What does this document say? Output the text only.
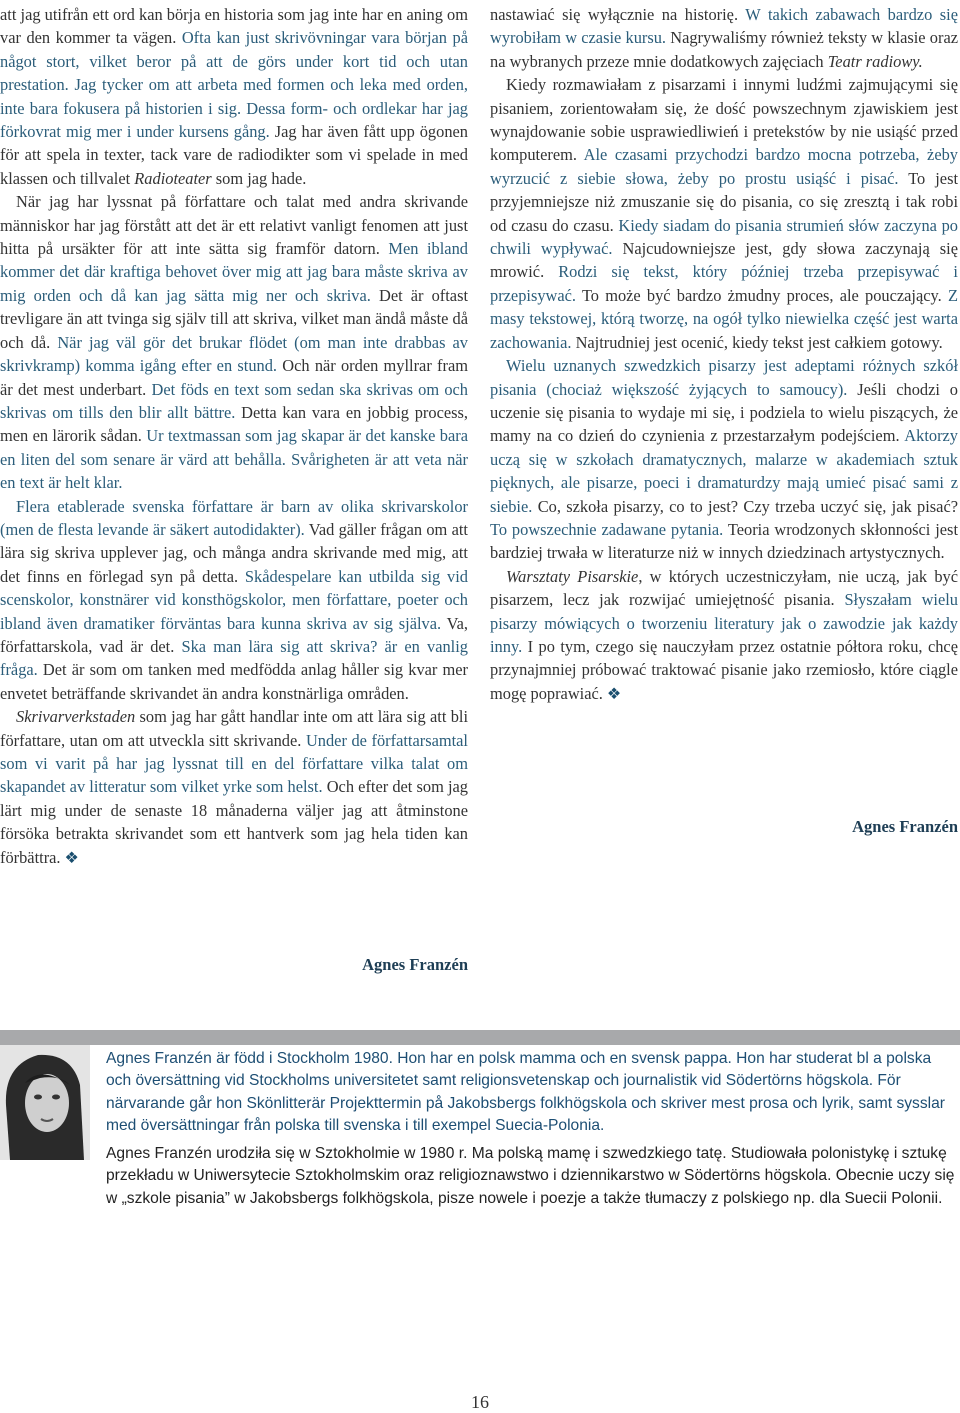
att jag utifrån ett ord kan börja en historia som jag inte har en aning om var den kommer ta vägen. Ofta kan just skrivövningar vara början på något stort, vilket beror på att de görs under kort tid och utan prestation. Jag tycker om att arbeta med formen och leka med orden, inte bara fokusera på historien i sig. Dessa form- och ordlekar har jag förkovrat mig mer i under kursens gång. Jag har även fått upp ögonen för att spela in texter, tack vare de radiodikter som vi spelade in med klassen och tillvalet Radioteater som jag hade.

När jag har lyssnat på författare och talat med andra skrivande människor har jag förstått att det är ett relativt vanligt fenomen att just hitta på ursäkter för att inte sätta sig framför datorn. Men ibland kommer det där kraftiga behovet över mig att jag bara måste skriva av mig orden och då kan jag sätta mig ner och skriva. Det är oftast trevligare än att tvinga sig själv till att skriva, vilket man ändå måste då och då. När jag väl gör det brukar flödet (om man inte drabbas av skrivkramp) komma igång efter en stund. Och när orden myllrar fram är det mest underbart. Det föds en text som sedan ska skrivas om och skrivas om tills den blir allt bättre. Detta kan vara en jobbig process, men en lärorik sådan. Ur textmassan som jag skapar är det kanske bara en liten del som senare är värd att behålla. Svårigheten är att veta när en text är helt klar.

Flera etablerade svenska författare är barn av olika skrivarskolor (men de flesta levande är säkert autodidakter). Vad gäller frågan om att lära sig skriva upplever jag, och många andra skrivande med mig, att det finns en förlegad syn på detta. Skådespelare kan utbilda sig vid scenskolor, konstnärer vid konsthögskolor, men författare, poeter och ibland även dramatiker förväntas bara kunna skriva av sig själva. Va, författarskola, vad är det. Ska man lära sig att skriva? är en vanlig fråga. Det är som om tanken med medfödda anlag håller sig kvar mer envetet beträffande skrivandet än andra konstnärliga områden.

Skrivarverkstaden som jag har gått handlar inte om att lära sig att bli författare, utan om att utveckla sitt skrivande. Under de författarsamtal som vi varit på har jag lyssnat till en del författare vilka talat om skapandet av litteratur som vilket yrke som helst. Och efter det som jag lärt mig under de senaste 18 månaderna väljer jag att åtminstone försöka betrakta skrivandet som ett hantverk som jag hela tiden kan förbättra. ❖

Agnes Franzén

nastawiać się wyłącznie na historię. W takich zabawach bardzo się wyrobiłam w czasie kursu. Nagrywaliśmy również teksty w klasie oraz na wybranych przeze mnie dodatkowych zajęciach Teatr radiowy.

Kiedy rozmawiałam z pisarzami i innymi ludźmi zajmującymi się pisaniem, zorientowałam się, że dość powszechnym zjawiskiem jest wynajdowanie sobie usprawiedliwień i pretekstów by nie usiąść przed komputerem. Ale czasami przychodzi bardzo mocna potrzeba, żeby wyrzucić z siebie słowa, żeby po prostu usiąść i pisać. To jest przyjemniejsze niż zmuszanie się do pisania, co się zresztą i tak robi od czasu do czasu. Kiedy siadam do pisania strumień słów zaczyna po chwili wypływać. Najcudowniejsze jest, gdy słowa zaczynają się mrowić. Rodzi się tekst, który później trzeba przepisywać i przepisywać. To może być bardzo żmudny proces, ale pouczający. Z masy tekstowej, którą tworzę, na ogół tylko niewielka część jest warta zachowania. Najtrudniej jest ocenić, kiedy tekst jest całkiem gotowy.

Wielu uznanych szwedzkich pisarzy jest adeptami różnych szkół pisania (chociaż większość żyjących to samoucy). Jeśli chodzi o uczenie się pisania to wydaje mi się, i podziela to wielu piszących, że mamy na co dzień do czynienia z przestarzałym podejściem. Aktorzy uczą się w szkołach dramatycznych, malarze w akademiach sztuk pięknych, ale pisarze, poeci i dramaturdzy mają umieć pisać sami z siebie. Co, szkoła pisarzy, co to jest? Czy trzeba uczyć się, jak pisać? To powszechnie zadawane pytania. Teoria wrodzonych skłonności jest bardziej trwała w literaturze niż w innych dziedzinach artystycznych.

Warsztaty Pisarskie, w których uczestniczyłam, nie uczą, jak być pisarzem, lecz jak rozwijać umiejętność pisania. Słyszałam wielu pisarzy mówiących o tworzeniu literatury jak o zawodzie jak każdy inny. I po tym, czego się nauczyłam przez ostatnie półtora roku, chcę przynajmniej próbować traktować pisanie jako rzemiosło, które ciągle mogę poprawiać. ❖

Agnes Franzén

Agnes Franzén är född i Stockholm 1980. Hon har en polsk mamma och en svensk pappa. Hon har studerat bl a polska och översättning vid Stockholms universitetet samt religionsvetenskap och journalistik vid Södertörns högskola. För närvarande går hon Skönlitterär Projekttermin på Jakobsbergs folkhögskola och skriver mest prosa och lyrik, samt sysslar med översättningar från polska till svenska i till exempel Suecia-Polonia.

Agnes Franzén urodziła się w Sztokholmie w 1980 r. Ma polską mamę i szwedzkiego tatę. Studiowała polonistykę i sztukę przekładu w Uniwersytecie Sztokholmskim oraz religioznawstwo i dziennikarstwo w Södertörns högskola. Obecnie uczy się w „szkole pisania” w Jakobsbergs folkhögskola, pisze nowele i poezje a także tłumaczy z polskiego np. dla Suecii Polonii.

16
